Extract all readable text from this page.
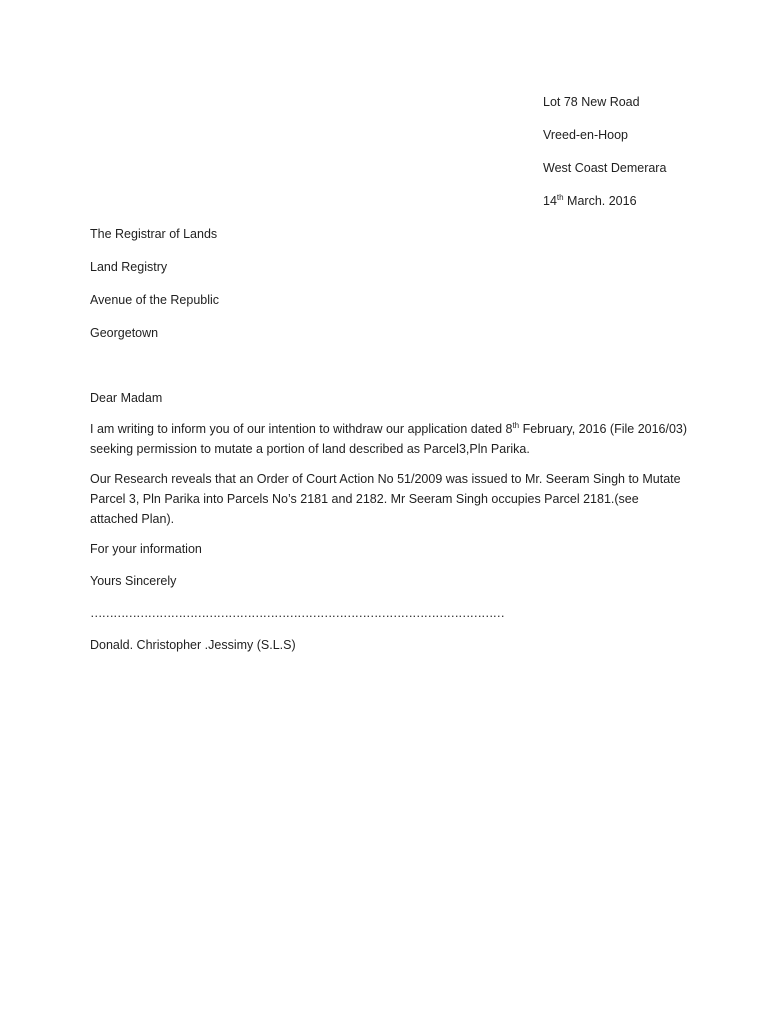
Lot 78 New Road
Vreed-en-Hoop
West Coast Demerara
14th March. 2016
The Registrar of Lands
Land Registry
Avenue of the Republic
Georgetown

Dear Madam

I am writing to inform you of our intention to withdraw our application dated 8th February, 2016 (File 2016/03) seeking permission to mutate a portion of land described as Parcel3,Pln Parika.

Our Research reveals that an Order of Court Action No 51/2009 was issued to Mr. Seeram Singh to Mutate Parcel 3, Pln Parika into Parcels No’s 2181 and 2182. Mr Seeram Singh occupies Parcel 2181.(see attached Plan).

For your information

Yours Sincerely

………………………………………………………………………………………………

Donald. Christopher .Jessimy (S.L.S)
